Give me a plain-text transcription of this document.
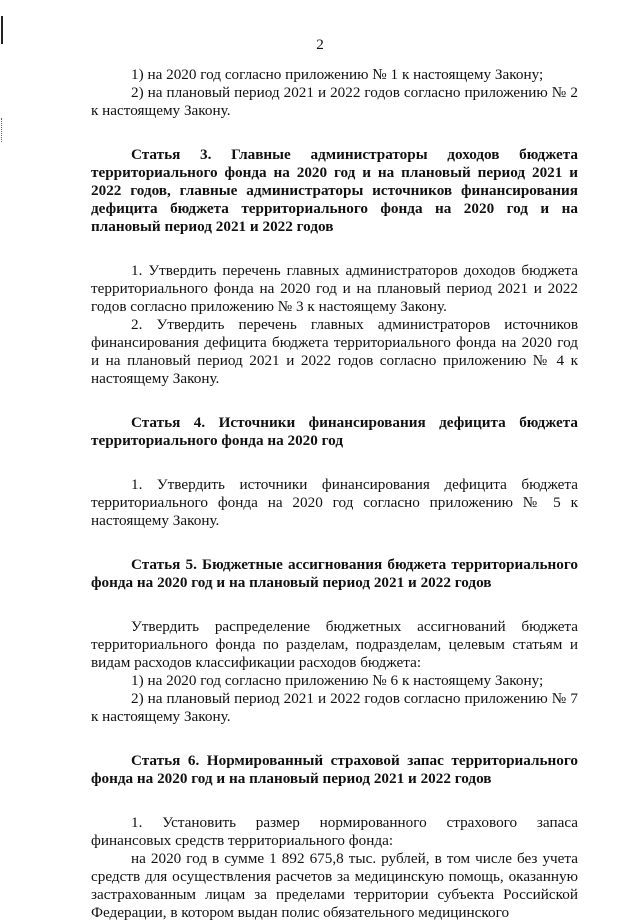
2
1) на 2020 год согласно приложению № 1 к настоящему Закону;
2) на плановый период 2021 и 2022 годов согласно приложению № 2 к настоящему Закону.
Статья 3. Главные администраторы доходов бюджета территориального фонда на 2020 год и на плановый период 2021 и 2022 годов, главные администраторы источников финансирования дефицита бюджета территориального фонда на 2020 год и на плановый период 2021 и 2022 годов
1. Утвердить перечень главных администраторов доходов бюджета территориального фонда на 2020 год и на плановый период 2021 и 2022 годов согласно приложению № 3 к настоящему Закону.
2. Утвердить перечень главных администраторов источников финансирования дефицита бюджета территориального фонда на 2020 год и на плановый период 2021 и 2022 годов согласно приложению № 4 к настоящему Закону.
Статья 4. Источники финансирования дефицита бюджета территориального фонда на 2020 год
1. Утвердить источники финансирования дефицита бюджета территориального фонда на 2020 год согласно приложению № 5 к настоящему Закону.
Статья 5. Бюджетные ассигнования бюджета территориального фонда на 2020 год и на плановый период 2021 и 2022 годов
Утвердить распределение бюджетных ассигнований бюджета территориального фонда по разделам, подразделам, целевым статьям и видам расходов классификации расходов бюджета:
1) на 2020 год согласно приложению № 6 к настоящему Закону;
2) на плановый период 2021 и 2022 годов согласно приложению № 7 к настоящему Закону.
Статья 6. Нормированный страховой запас территориального фонда на 2020 год и на плановый период 2021 и 2022 годов
1. Установить размер нормированного страхового запаса финансовых средств территориального фонда:
на 2020 год в сумме 1 892 675,8 тыс. рублей, в том числе без учета средств для осуществления расчетов за медицинскую помощь, оказанную застрахованным лицам за пределами территории субъекта Российской Федерации, в котором выдан полис обязательного медицинского
